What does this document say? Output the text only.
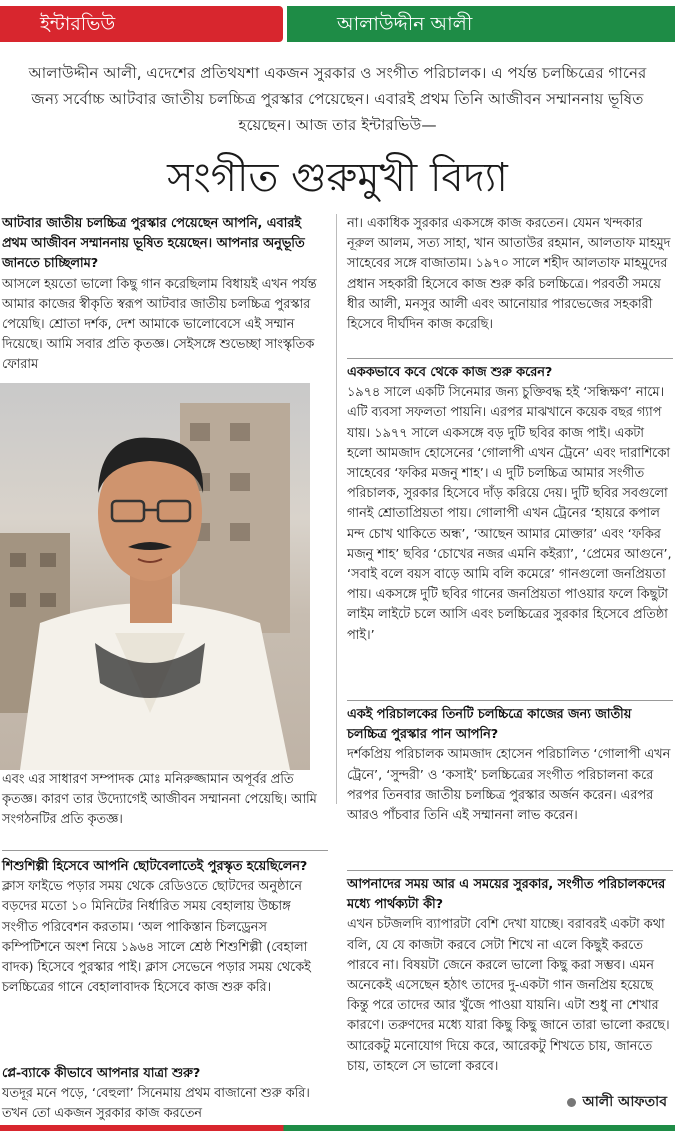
ইন্টারভিউ	আলাউদ্দীন আলী
আলাউদ্দীন আলী, এদেশের প্রতিথযশা একজন সুরকার ও সংগীত পরিচালক। এ পর্যন্ত চলচ্চিত্রের গানের জন্য সর্বোচ্চ আটবার জাতীয় চলচ্চিত্র পুরস্কার পেয়েছেন। এবারই প্রথম তিনি আজীবন সম্মাননায় ভূষিত হয়েছেন। আজ তার ইন্টারভিউ—
সংগীত গুরুমুখী বিদ্যা
আটবার জাতীয় চলচ্চিত্র পুরস্কার পেয়েছেন আপনি, এবারই প্রথম আজীবন সম্মাননায় ভূষিত হয়েছেন। আপনার অনুভূতি জানতে চাচ্ছিলাম?
আসলে হয়তো ভালো কিছু গান করেছিলাম বিধায়ই এখন পর্যন্ত আমার কাজের স্বীকৃতি স্বরূপ আটবার জাতীয় চলচ্চিত্র পুরস্কার পেয়েছি। শ্রোতা দর্শক, দেশ আমাকে ভালোবেসে এই সম্মান দিয়েছে। আমি সবার প্রতি কৃতজ্ঞ। সেইসঙ্গে শুভেচ্ছা সাংস্কৃতিক ফোরাম
এবং এর সাধারণ সম্পাদক মোঃ মনিরুজ্জামান অপূর্বর প্রতি কৃতজ্ঞ। কারণ তার উদ্যোগেই আজীবন সম্মাননা পেয়েছি। আমি সংগঠনটির প্রতি কৃতজ্ঞ।
শিশুশিল্পী হিসেবে আপনি ছোটবেলাতেই পুরস্কৃত হয়েছিলেন?
ক্লাস ফাইভে পড়ার সময় থেকে রেডিওতে ছোটদের অনুষ্ঠানে বড়দের মতো ১০ মিনিটের নির্ধারিত সময় বেহালায় উচ্চাঙ্গ সংগীত পরিবেশন করতাম। ‘অল পাকিস্তান চিলড্রেনস কম্পিটিশনে অংশ নিয়ে ১৯৬৪ সালে শ্রেষ্ঠ শিশুশিল্পী (বেহালা বাদক) হিসেবে পুরস্কার পাই। ক্লাস সেভেনে পড়ার সময় থেকেই চলচ্চিত্রের গানে বেহালাবাদক হিসেবে কাজ শুরু করি।
প্লে-ব্যাকে কীভাবে আপনার যাত্রা শুরু?
যতদূর মনে পড়ে, ‘বেহুলা’ সিনেমায় প্রথম বাজানো শুরু করি। তখন তো একজন সুরকার কাজ করতেন
না। একাধিক সুরকার একসঙ্গে কাজ করতেন। যেমন খন্দকার নূরুল আলম, সত্য সাহা, খান আতাউর রহমান, আলতাফ মাহমুদ সাহেবের সঙ্গে বাজাতাম। ১৯৭০ সালে শহীদ আলতাফ মাহমুদের প্রধান সহকারী হিসেবে কাজ শুরু করি চলচ্চিত্রে। পরবর্তী সময়ে ধীর আলী, মনসুর আলী এবং আনোয়ার পারভেজের সহকারী হিসেবে দীর্ঘদিন কাজ করেছি।
এককভাবে কবে থেকে কাজ শুরু করেন?
১৯৭৪ সালে একটি সিনেমার জন্য চুক্তিবদ্ধ হই ‘সন্ধিক্ষণ’ নামে। এটি ব্যবসা সফলতা পায়নি। এরপর মাঝখানে কয়েক বছর গ্যাপ যায়। ১৯৭৭ সালে একসঙ্গে বড় দুটি ছবির কাজ পাই। একটা হলো আমজাদ হোসেনের ‘গোলাপী এখন ট্রেনে’ এবং দারাশিকো সাহেবের ‘ফকির মজনু শাহ’। এ দুটি চলচ্চিত্র আমার সংগীত পরিচালক, সুরকার হিসেবে দাঁড় করিয়ে দেয়। দুটি ছবির সবগুলো গানই শ্রোতাপ্রিয়তা পায়। গোলাপী এখন ট্রেনের ‘হায়রে কপাল মন্দ চোখ থাকিতে অন্ধ’, ‘আছেন আমার মোক্তার’ এবং ‘ফকির মজনু শাহ’ ছবির ‘চোখের নজর এমনি কইর‍্যা’, ‘প্রেমের আগুনে’, ‘সবাই বলে বয়স বাড়ে আমি বলি কমেরে’ গানগুলো জনপ্রিয়তা পায়। একসঙ্গে দুটি ছবির গানের জনপ্রিয়তা পাওয়ার ফলে কিছুটা লাইম লাইটে চলে আসি এবং চলচ্চিত্রের সুরকার হিসেবে প্রতিষ্ঠা পাই।’
একই পরিচালকের তিনটি চলচ্চিত্রে কাজের জন্য জাতীয় চলচ্চিত্র পুরস্কার পান আপনি?
দর্শকপ্রিয় পরিচালক আমজাদ হোসেন পরিচালিত ‘গোলাপী এখন ট্রেনে’, ‘সুন্দরী’ ও ‘কসাই’ চলচ্চিত্রের সংগীত পরিচালনা করে পরপর তিনবার জাতীয় চলচ্চিত্র পুরস্কার অর্জন করেন। এরপর আরও পাঁচবার তিনি এই সম্মাননা লাভ করেন।
আপনাদের সময় আর এ সময়ের সুরকার, সংগীত পরিচালকদের মধ্যে পার্থক্যটা কী?
এখন চটজলদি ব্যাপারটা বেশি দেখা যাচ্ছে। বরাবরই একটা কথা বলি, যে যে কাজটা করবে সেটা শিখে না এলে কিছুই করতে পারবে না। বিষয়টা জেনে করলে ভালো কিছু করা সম্ভব। এমন অনেকেই এসেছেন হঠাৎ তাদের দু-একটা গান জনপ্রিয় হয়েছে কিন্তু পরে তাদের আর খুঁজে পাওয়া যায়নি। এটা শুধু না শেখার কারণে। তরুণদের মধ্যে যারা কিছু কিছু জানে তারা ভালো করছে। আরেকটু মনোযোগ দিয়ে করে, আরেকটু শিখতে চায়, জানতে চায়, তাহলে সে ভালো করবে।
আলী আফতাব
